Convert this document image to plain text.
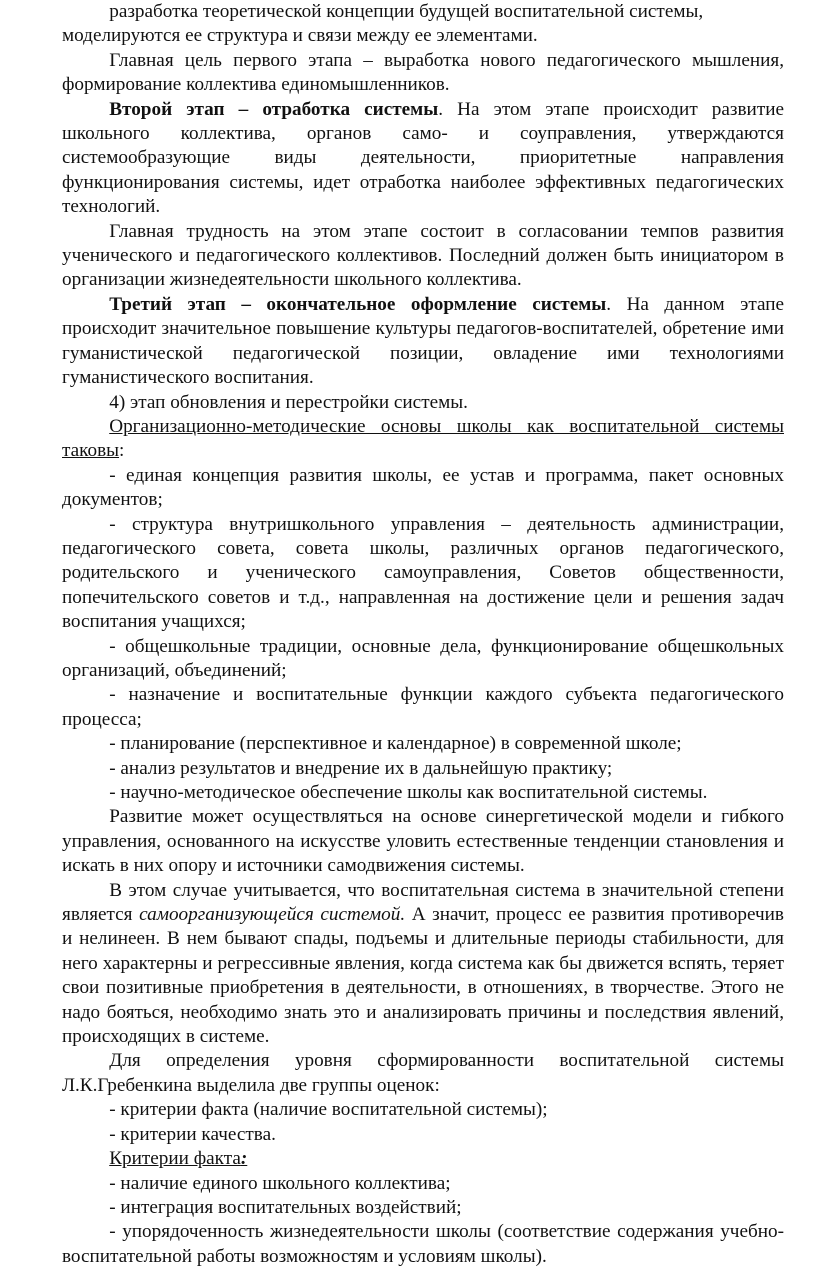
разработка теоретической концепции будущей воспитательной системы,

моделируются ее структура и связи между ее элементами.

Главная цель первого этапа – выработка нового педагогического мышления, формирование коллектива единомышленников.

Второй этап – отработка системы. На этом этапе происходит развитие школьного коллектива, органов само- и соуправления, утверждаются системообразующие виды деятельности, приоритетные направления функционирования системы, идет отработка наиболее эффективных педагогических технологий.

Главная трудность на этом этапе состоит в согласовании темпов развития ученического и педагогического коллективов. Последний должен быть инициатором в организации жизнедеятельности школьного коллектива.

Третий этап – окончательное оформление системы. На данном этапе происходит значительное повышение культуры педагогов-воспитателей, обретение ими гуманистической педагогической позиции, овладение ими технологиями гуманистического воспитания.

4) этап обновления и перестройки системы.

Организационно-методические основы школы как воспитательной системы таковы:

- единая концепция развития школы, ее устав и программа, пакет основных документов;

- структура внутришкольного управления – деятельность администрации, педагогического совета, совета школы, различных органов педагогического, родительского и ученического самоуправления, Советов общественности, попечительского советов и т.д., направленная на достижение цели и решения задач воспитания учащихся;

- общешкольные традиции, основные дела, функционирование общешкольных организаций, объединений;

- назначение и воспитательные функции каждого субъекта педагогического процесса;

- планирование (перспективное и календарное) в современной школе;

- анализ результатов и внедрение их в дальнейшую практику;

- научно-методическое обеспечение школы как воспитательной системы.

Развитие может осуществляться на основе синергетической модели и гибкого управления, основанного на искусстве уловить естественные тенденции становления и искать в них опору и источники самодвижения системы.

В этом случае учитывается, что воспитательная система в значительной степени является самоорганизующейся системой. А значит, процесс ее развития противоречив и нелинеен. В нем бывают спады, подъемы и длительные периоды стабильности, для него характерны и регрессивные явления, когда система как бы движется вспять, теряет свои позитивные приобретения в деятельности, в отношениях, в творчестве. Этого не надо бояться, необходимо знать это и анализировать причины и последствия явлений, происходящих в системе.

Для определения уровня сформированности воспитательной системы Л.К.Гребенкина выделила две группы оценок:

- критерии факта (наличие воспитательной системы);

- критерии качества.

Критерии факта:

- наличие единого школьного коллектива;

- интеграция воспитательных воздействий;

- упорядоченность жизнедеятельности школы (соответствие содержания учебно-воспитательной работы возможностям и условиям школы).
